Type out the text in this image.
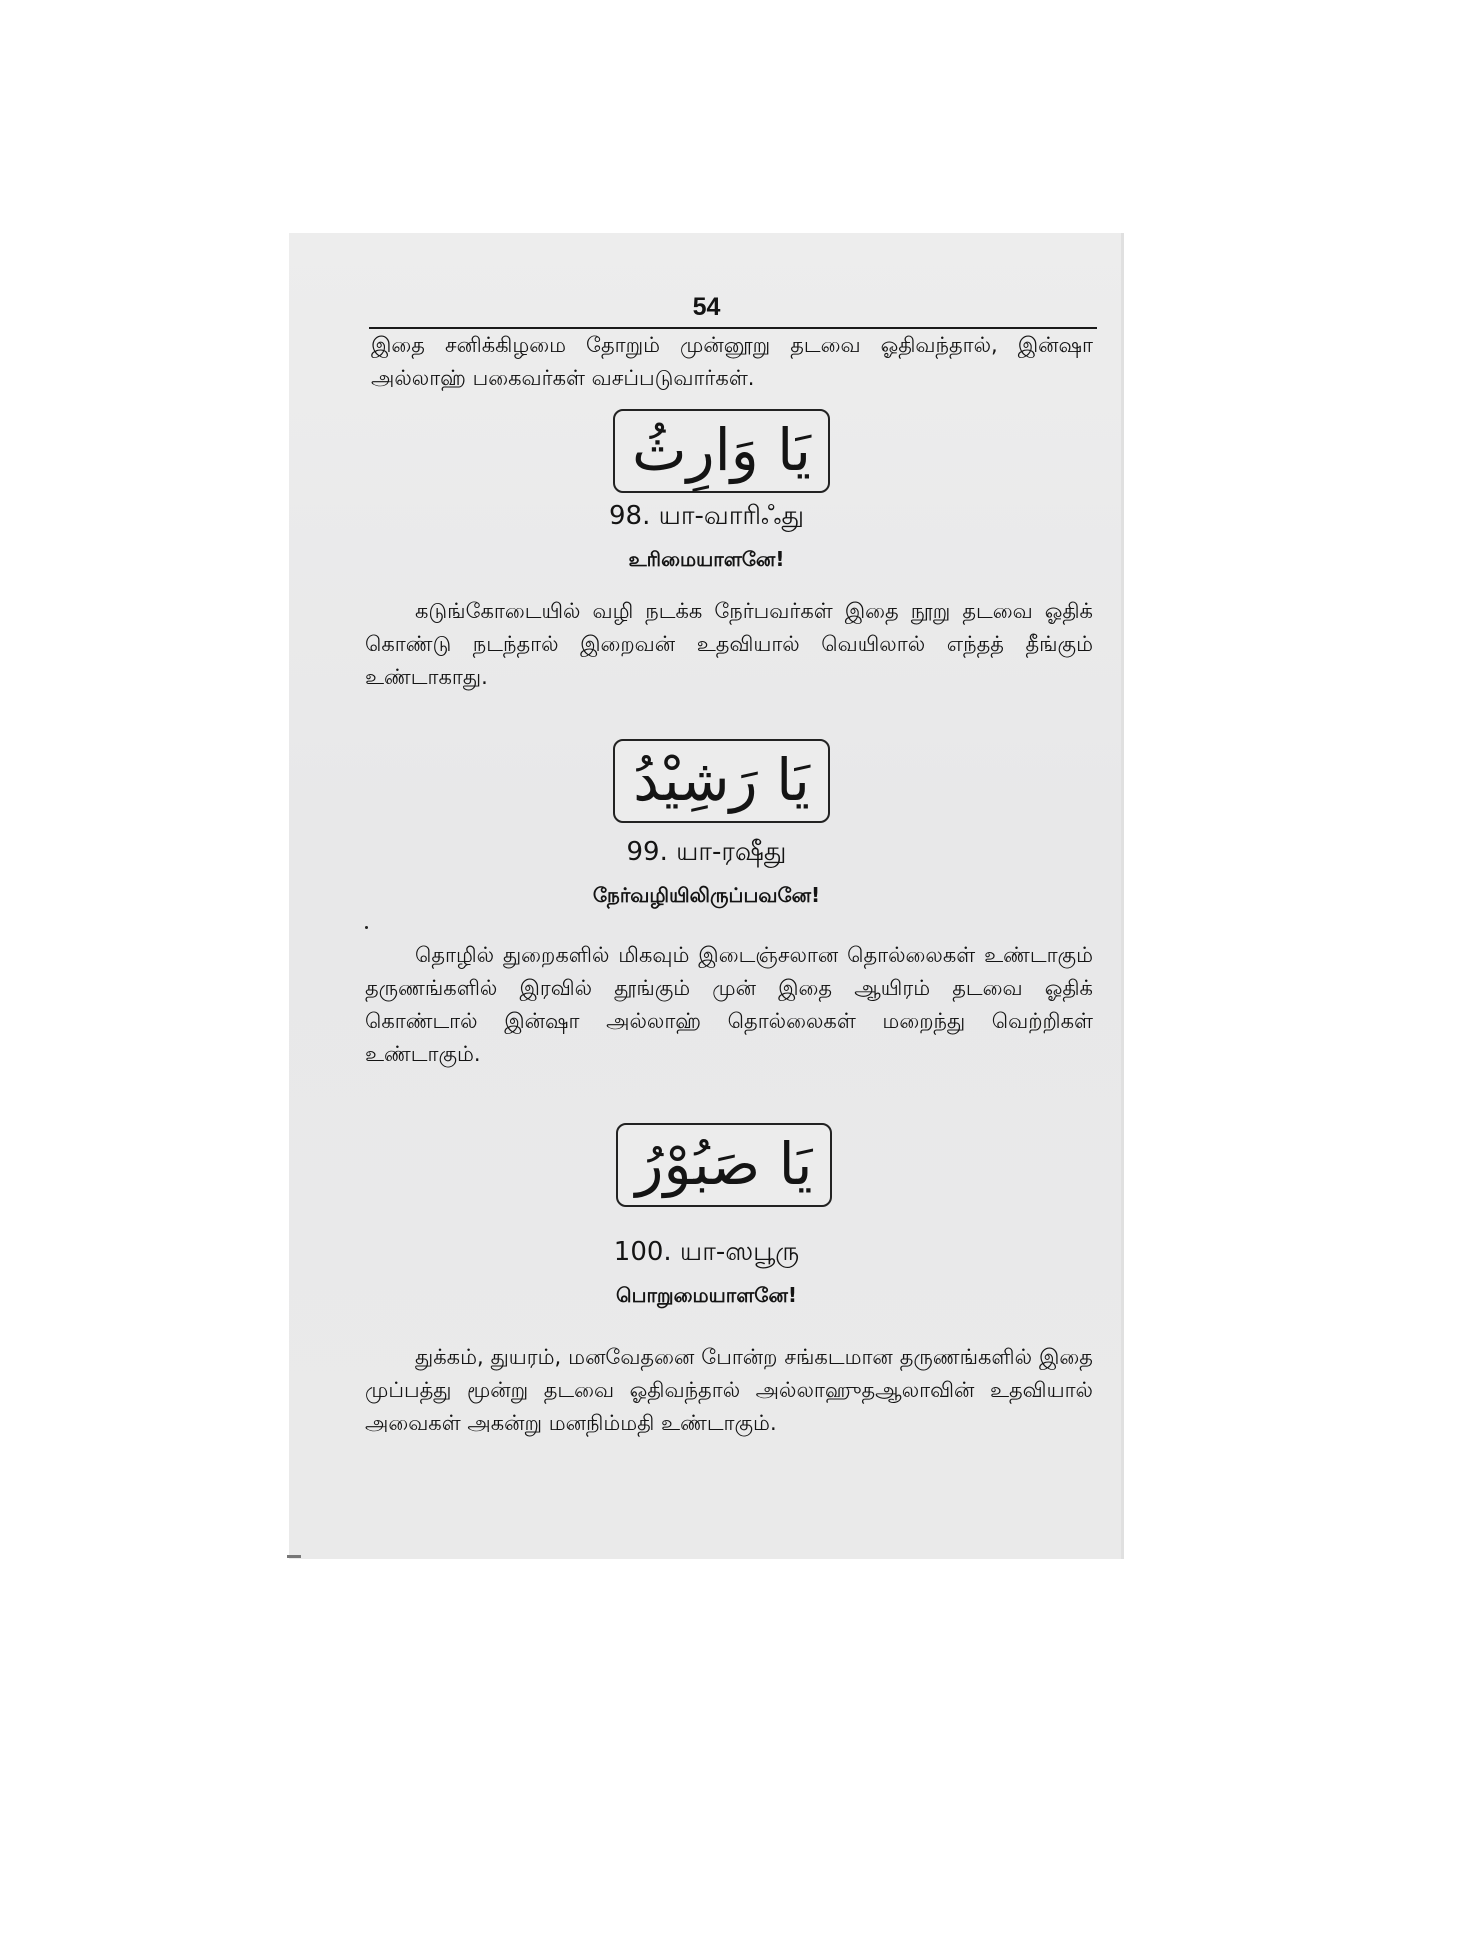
54

இதை சனிக்கிழமை தோறும் முன்னூறு தடவை ஓதிவந்தால், இன்ஷா அல்லாஹ் பகைவர்கள் வசப்படுவார்கள்.

يَا وَارِثُ
98. யா-வாரிஃது
உரிமையாளனே!

கடுங்கோடையில் வழி நடக்க நேர்பவர்கள் இதை நூறு தடவை ஓதிக் கொண்டு நடந்தால் இறைவன் உதவியால் வெயிலால் எந்தத் தீங்கும் உண்டாகாது.

يَا رَشِيْدُ
99. யா-ரஷீது
நேர்வழியிலிருப்பவனே!

தொழில் துறைகளில் மிகவும் இடைஞ்சலான தொல்லைகள் உண்டாகும் தருணங்களில் இரவில் தூங்கும் முன் இதை ஆயிரம் தடவை ஓதிக் கொண்டால் இன்ஷா அல்லாஹ் தொல்லைகள் மறைந்து வெற்றிகள் உண்டாகும்.

يَا صَبُوْرُ
100. யா-ஸபூரு
பொறுமையாளனே!

துக்கம், துயரம், மனவேதனை போன்ற சங்கடமான தருணங்களில் இதை முப்பத்து மூன்று தடவை ஓதிவந்தால் அல்லாஹுதஆலாவின் உதவியால் அவைகள் அகன்று மனநிம்மதி உண்டாகும்.
